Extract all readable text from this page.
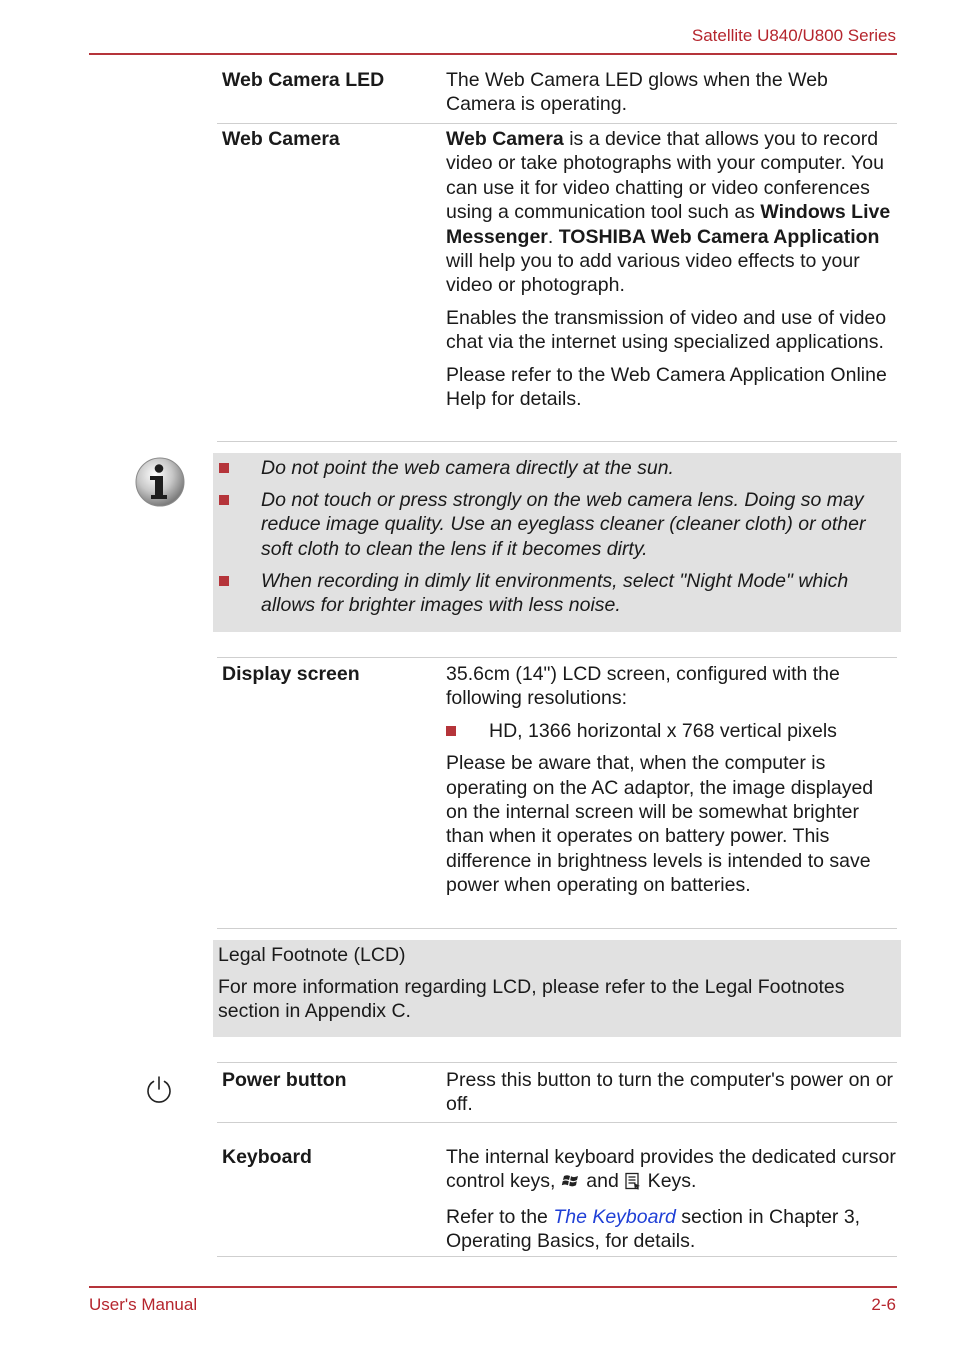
Satellite U840/U800 Series
Web Camera LED	The Web Camera LED glows when the Web Camera is operating.

Web Camera	Web Camera is a device that allows you to record video or take photographs with your computer. You can use it for video chatting or video conferences using a communication tool such as Windows Live Messenger. TOSHIBA Web Camera Application will help you to add various video effects to your video or photograph.

Enables the transmission of video and use of video chat via the internet using specialized applications.

Please refer to the Web Camera Application Online Help for details.

Do not point the web camera directly at the sun.
Do not touch or press strongly on the web camera lens. Doing so may reduce image quality. Use an eyeglass cleaner (cleaner cloth) or other soft cloth to clean the lens if it becomes dirty.
When recording in dimly lit environments, select "Night Mode" which allows for brighter images with less noise.
Display screen	35.6cm (14") LCD screen, configured with the following resolutions:

HD, 1366 horizontal x 768 vertical pixels

Please be aware that, when the computer is operating on the AC adaptor, the image displayed on the internal screen will be somewhat brighter than when it operates on battery power. This difference in brightness levels is intended to save power when operating on batteries.

Legal Footnote (LCD)

For more information regarding LCD, please refer to the Legal Footnotes section in Appendix C.

Power button	Press this button to turn the computer's power on or off.

Keyboard	The internal keyboard provides the dedicated cursor control keys,  and  Keys.

Refer to the The Keyboard section in Chapter 3, Operating Basics, for details.

User's Manual	2-6
